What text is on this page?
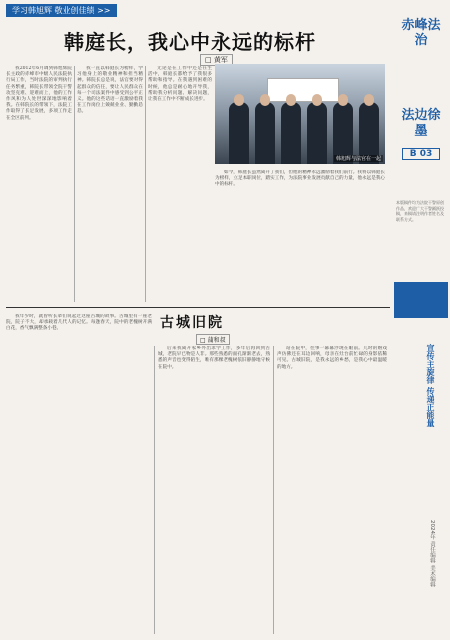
学习韩旭辉 敬业创佳绩 >>
韩庭长，我心中永远的标杆
□ 黄军

我2012年6月调到韩旭辉院长主政的赤峰市中级人民法院执行局工作，当时法院的审判执行任务繁重，韩院长带领全院干警攻坚克难、迎难而上，他的工作作风和为人处世深深地影响着我。在韩院长的带领下，法院工作取得了长足发展，多项工作走在全区前列。

我一直以韩庭长为榜样，学习他身上的敬业精神和担当精神。韩院长总是说，法官要对得起群众的信任，要让人民群众在每一个司法案件中感受到公平正义。他的这些话语一直激励着我在工作岗位上兢兢业业、勤勤恳恳。

无论是在工作中还是在生活中，韩庭长都给予了我很多帮助和指导。在我遇到困难的时候，他总是耐心地开导我，帮助我分析问题、解决问题，让我在工作中不断成长进步。

韩旭辉与法官在一起

如今，韩庭长虽然离开了我们，但他的精神永远激励着我们前行。我将以韩庭长为榜样，立足本职岗位，踏实工作，为法院事业发展贡献自己的力量，他永远是我心中的标杆。

古城旧院
□ 蒲和叔

我年少时，就曾听长辈们说起过这座古城的故事。古城里有一座老院，院子不大，却承载着几代人的记忆。每逢春天，院中的老槐树开满白花，香气飘满整条小巷。

后来我离开家乡外出求学工作，多年后再回到古城，老院早已物是人非。那些熟悉的面孔渐渐老去，熟悉的声音也变得陌生，唯有那棵老槐树依旧静静地守候在院中。

站在院中，往事一幕幕浮现在眼前。儿时的嬉戏声仿佛还在耳边回响，母亲在灶台前忙碌的身影依稀可见。古城旧院，是我永远的乡愁，是我心中最温暖的地方。

赤峰法治
法边徐墨
B 03
本版稿件均为法院干警原创作品，欢迎广大干警踊跃投稿，来稿请注明作者姓名及联系方式。
宣传主旋律 传递正能量
2024年 责任编辑 美术编辑
